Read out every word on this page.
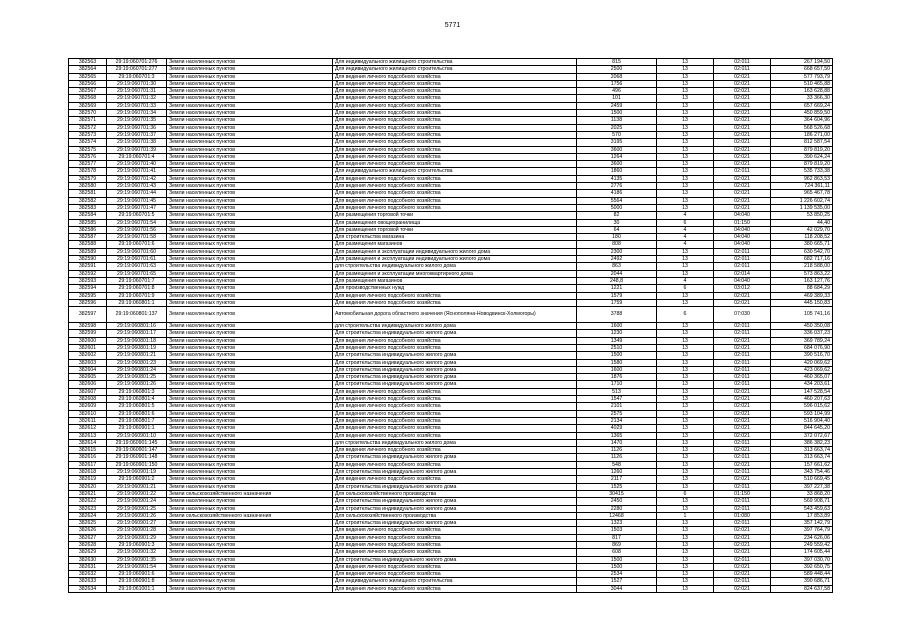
5771
382563	29:19:060701:276	Земли населенных пунктов	Для индивидуального жилищного строительства	815	13	02:011	267 194,50
382564	29:19:060701:277	Земли населенных пунктов	Для индивидуального жилищного строительства	2500	13	02:011	668 657,50
382565	29:19:060701:3	Земли населенных пунктов	Для ведения личного подсобного хозяйства	2068	13	02:021	577 793,79
382566	29:19:060701:30	Земли населенных пунктов	Для ведения личного подсобного хозяйства	1756	13	02:021	510 465,88
382567	29:19:060701:31	Земли населенных пунктов	Для ведения личного подсобного хозяйства	496	13	02:021	163 628,88
382568	29:19:060701:32	Земли населенных пунктов	Для ведения личного подсобного хозяйства	101	13	02:021	33 366,30
382569	29:19:060701:33	Земли населенных пунктов	Для ведения личного подсобного хозяйства	2459	13	02:021	657 669,24
382570	29:19:060701:34	Земли населенных пунктов	Для ведения личного подсобного хозяйства	1500	13	02:021	450 859,50
382571	29:19:060701:35	Земли населенных пунктов	Для ведения личного подсобного хозяйства	1138	13	02:021	364 604,96
382572	29:19:060701:36	Земли населенных пунктов	Для ведения личного подсобного хозяйства	2025	13	02:021	568 526,68
382573	29:19:060701:37	Земли населенных пунктов	Для ведения личного подсобного хозяйства	570	13	02:021	186 271,00
382574	29:19:060701:38	Земли населенных пунктов	Для ведения личного подсобного хозяйства	3195	13	02:021	812 587,54
382575	29:19:060701:39	Земли населенных пунктов	Для ведения личного подсобного хозяйства	3600	13	02:021	879 819,20
382576	29:19:060701:4	Земли населенных пунктов	Для ведения личного подсобного хозяйства	1264	13	02:021	390 624,24
382577	29:19:060701:40	Земли населенных пунктов	Для ведения личного подсобного хозяйства	3600	13	02:021	879 819,20
382578	29:19:060701:41	Земли населенных пунктов	Для индивидуального жилищного строительства	1860	13	02:011	535 733,38
382579	29:19:060701:42	Земли населенных пунктов	Для ведения личного подсобного хозяйства	4135	13	02:021	962 863,53
382580	29:19:060701:43	Земли населенных пунктов	Для ведения личного подсобного хозяйства	2776	13	02:021	724 361,11
382581	29:19:060701:44	Земли населенных пунктов	Для ведения личного подсобного хозяйства	4186	13	02:021	965 467,78
382582	29:19:060701:45	Земли населенных пунктов	Для ведения личного подсобного хозяйства	5564	13	02:021	1 226 602,74
382583	29:19:060701:47	Земли населенных пунктов	Для ведения личного подсобного хозяйства	5000	13	02:021	1 139 535,00
382584	29:19:060701:5	Земли населенных пунктов	Для размещения торговой точки	82	4	04:040	53 850,25
382585	29:19:060701:54	Земли населенных пунктов	Для размещения овощехранилища	30	6	01:150	44,40
382586	29:19:060701:56	Земли населенных пунктов	Для размещения торговой точки	64	4	04:040	42 029,70
382587	29:19:060701:58	Земли населенных пунктов	Для строительства магазина	180	4	04:040	118 208,52
382588	29:19:060701:6	Земли населенных пунктов	Для размещения магазинов	808	4	04:040	380 665,71
382589	29:19:060701:60	Земли населенных пунктов	Для размещения и эксплуатации индивидуального жилого дома	2300	13	02:011	630 542,70
382590	29:19:060701:61	Земли населенных пунктов	Для размещения и эксплуатации индивидуального жилого дома	2492	13	02:011	682 717,16
382591	29:19:060701:63	Земли населенных пунктов	для строительства индивидуального жилого дома	863	13	02:011	218 588,00
382592	29:19:060701:65	Земли населенных пунктов	Для размещения и эксплуатации многоквартирного дома	2044	13	02:014	573 863,22
382593	29:19:060701:7	Земли населенных пунктов	Для размещения магазинов	248,8	4	04:040	163 127,76
382594	29:19:060701:8	Земли населенных пунктов	Для производственных нужд	1221	6	03:012	88 684,29
382595	29:19:060701:9	Земли населенных пунктов	Для ведения личного подсобного хозяйства	1579	13	02:021	469 389,33
382596	29:19:060801:1	Земли населенных пунктов	Для ведения личного подсобного хозяйства	1759	13	02:021	445 150,83
382597	29:19:060801:137	Земли населенных пунктов	Автомобильная дорога областного значения (Яснополяна-Новодвинск-Холмогоры)	3788	6	07:030	105 741,16
382598	29:19:060801:16	Земли населенных пунктов	для строительства индивидуального жилого дома	1600	13	02:011	450 350,08
382599	29:19:060801:17	Земли населенных пунктов	Для строительства индивидуального жилого дома	1230	13	02:011	336 037,23
382600	29:19:060801:18	Земли населенных пунктов	Для ведения личного подсобного хозяйства	1349	13	02:021	369 789,24
382601	29:19:060801:19	Земли населенных пунктов	Для ведения личного подсобного хозяйства	2510	13	02:021	684 076,90
382602	29:19:060801:21	Земли населенных пунктов	Для строительства индивидуального жилого дома	1500	13	02:011	390 516,70
382603	29:19:060801:23	Земли населенных пунктов	Для строительства индивидуального жилого дома	1580	13	02:011	420 069,62
382604	29:19:060801:24	Земли населенных пунктов	Для строительства индивидуального жилого дома	1600	13	02:011	423 069,62
382605	29:19:060801:25	Земли населенных пунктов	Для строительства индивидуального жилого дома	1876	13	02:011	460 365,07
382606	29:19:060801:26	Земли населенных пунктов	Для строительства индивидуального жилого дома	1710	13	02:011	434 203,61
382607	29:19:060801:3	Земли населенных пунктов	Для ведения личного подсобного хозяйства	513	13	02:021	147 528,54
382608	29:19:060801:4	Земли населенных пунктов	Для ведения личного подсобного хозяйства	1547	13	02:021	460 207,63
382609	29:19:060801:5	Земли населенных пунктов	Для ведения личного подсобного хозяйства	2101	13	02:021	596 015,62
382610	29:19:060801:6	Земли населенных пунктов	Для ведения личного подсобного хозяйства	2575	13	02:021	593 104,99
382611	29:19:060801:7	Земли населенных пунктов	Для ведения личного подсобного хозяйства	2134	13	02:021	516 904,40
382612	29:19:060901:1	Земли населенных пунктов	Для ведения личного подсобного хозяйства	4029	13	02:021	844 645,20
382613	29:19:060901:10	Земли населенных пунктов	Для ведения личного подсобного хозяйства	1365	13	02:021	372 072,67
382614	29:19:060901:145	Земли населенных пунктов	для строительства индивидуального жилого дома	1470	13	02:011	386 382,23
382615	29:19:060901:147	Земли населенных пунктов	Для ведения личного подсобного хозяйства	1126	13	02:021	313 663,74
382616	29:19:060901:148	Земли населенных пунктов	Для строительства индивидуального жилого дома	1126	13	02:011	313 663,74
382617	29:19:060901:150	Земли населенных пунктов	Для ведения личного подсобного хозяйства	548	13	02:021	157 661,62
382618	29:19:060901:19	Земли населенных пунктов	Для строительства индивидуального жилого дома	1260	13	02:011	343 754,46
382619	29:19:060901:2	Земли населенных пунктов	Для ведения личного подсобного хозяйства	2117	13	02:021	510 669,45
382620	29:19:060901:21	Земли населенных пунктов	Для строительства индивидуального жилого дома	1525	13	02:011	397 227,38
382621	29:19:060901:22	Земли сельскохозяйственного назначения	Для сельскохозяйственного производства	30415	6	01:150	33 868,20
382622	29:19:060901:24	Земли населенных пунктов	Для строительства индивидуального жилого дома	2450	13	02:011	569 908,71
382623	29:19:060901:25	Земли населенных пунктов	Для строительства индивидуального жилого дома	2280	13	02:011	543 459,63
382624	29:19:060901:26	Земли сельскохозяйственного назначения	Для сельскохозяйственного производства	12468	1	01:080	17 853,89
382625	29:19:060901:27	Земли населенных пунктов	Для строительства индивидуального жилого дома	1323	13	02:011	357 142,79
382626	29:19:060901:28	Земли населенных пунктов	Для ведения личного подсобного хозяйства	1503	13	02:021	397 764,79
382627	29:19:060901:29	Земли населенных пунктов	Для ведения личного подсобного хозяйства	817	13	02:021	234 626,06
382628	29:19:060901:3	Земли населенных пунктов	Для ведения личного подсобного хозяйства	869	13	02:021	249 559,42
382629	29:19:060901:32	Земли населенных пунктов	Для ведения личного подсобного хозяйства	608	13	02:021	174 605,44
382630	29:19:060901:35	Земли населенных пунктов	Для строительства индивидуального жилого дома	1500	13	02:011	397 030,70
382631	29:19:060901:54	Земли населенных пунктов	Для ведения личного подсобного хозяйства	1500	13	02:021	392 650,75
382632	29:19:060901:6	Земли населенных пунктов	Для ведения личного подсобного хозяйства	2534	13	02:021	589 448,44
382633	29:19:060901:8	Земли населенных пунктов	Для индивидуального жилищного строительства	1527	13	02:011	390 686,71
382634	29:19:061001:1	Земли населенных пунктов	Для ведения личного подсобного хозяйства	3044	13	02:021	824 637,58
